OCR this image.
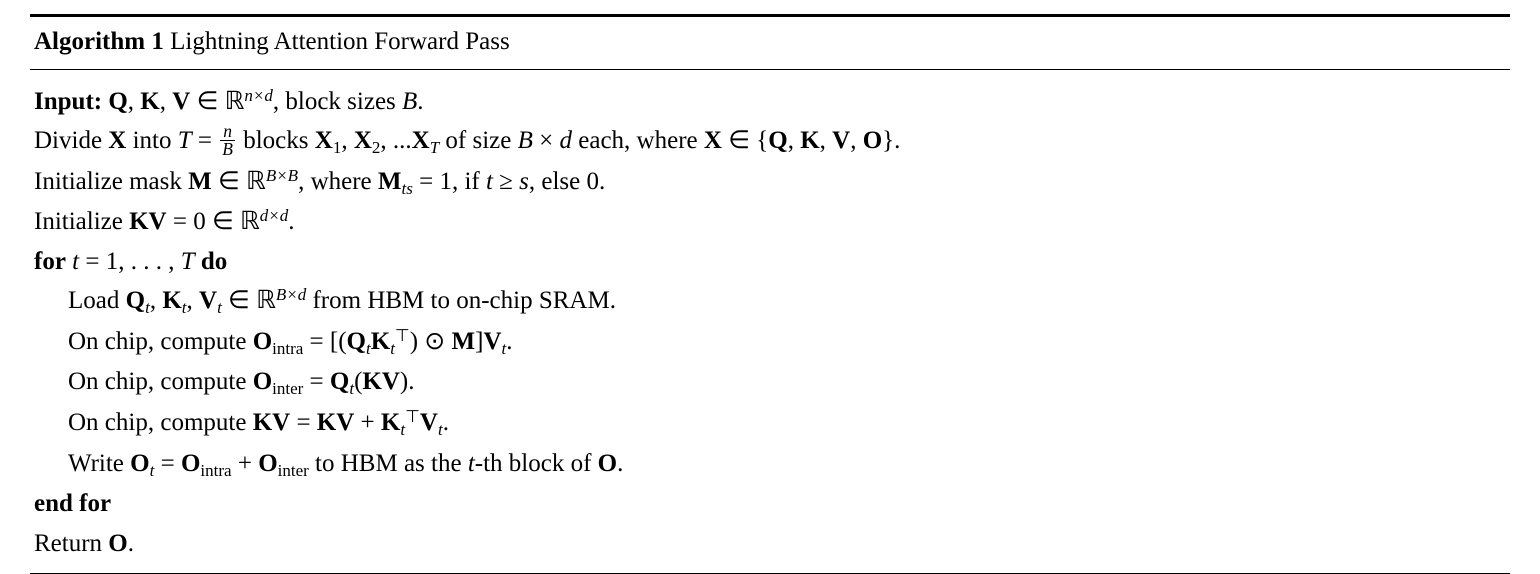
Algorithm 1 Lightning Attention Forward Pass
Input: Q, K, V ∈ ℝ$^{n\times d}$, block sizes B.
Divide X into $T = \frac{n}{B}$ blocks $X_1$, $X_2$, $...X_T$ of size B × d each, where X ∈ {Q, K, V, O}.
Initialize mask M ∈ ℝ$^{B\times B}$, where $M_{ts} = 1$, if t ≥ s, else 0.
Initialize KV = 0 ∈ ℝ$^{d\times d}$.
for t = 1, . . . , T do
Load $Q_t$, $K_t$, $V_t$ ∈ ℝ$^{B\times d}$ from HBM to on-chip SRAM.
On chip, compute $O_{intra} = [(Q_tK_t^⊤)$ ⊙ $M]V_t$.
On chip, compute $O_{inter} = Q_t(KV)$.
On chip, compute KV = KV + $K_t^⊤V_t$.
Write $O_t = O_{intra} + O_{inter}$ to HBM as the t-th block of O.
end for
Return O.
